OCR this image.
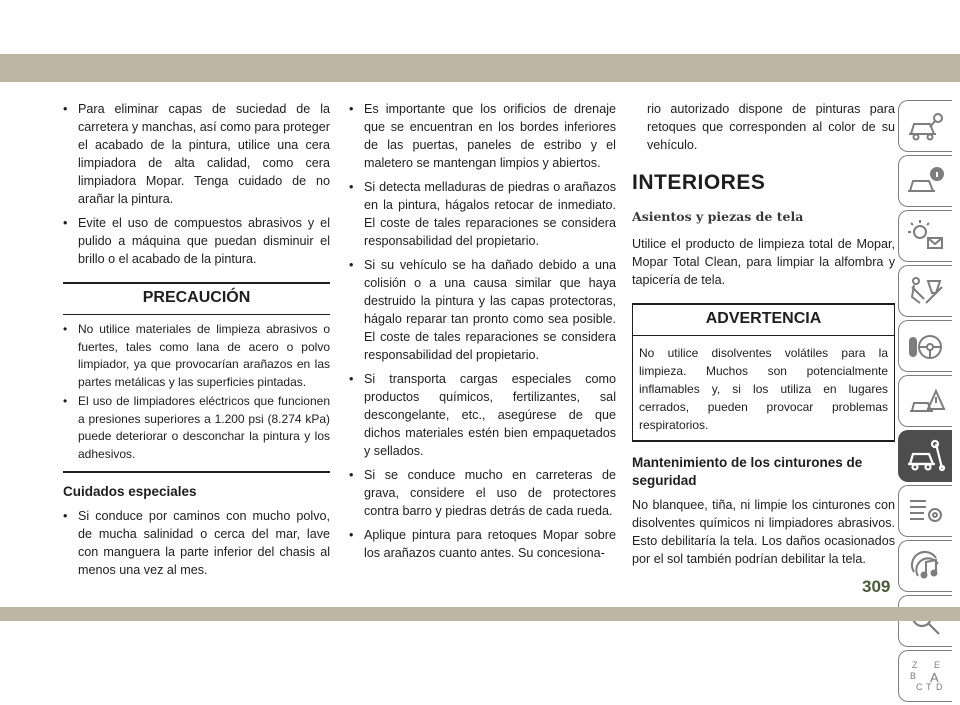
• Para eliminar capas de suciedad de la carretera y manchas, así como para proteger el acabado de la pintura, utilice una cera limpiadora de alta calidad, como cera limpiadora Mopar. Tenga cuidado de no arañar la pintura.
• Evite el uso de compuestos abrasivos y el pulido a máquina que puedan disminuir el brillo o el acabado de la pintura.
PRECAUCIÓN
• No utilice materiales de limpieza abrasivos o fuertes, tales como lana de acero o polvo limpiador, ya que provocarían arañazos en las partes metálicas y las superficies pintadas.
• El uso de limpiadores eléctricos que funcionen a presiones superiores a 1.200 psi (8.274 kPa) puede deteriorar o desconchar la pintura y los adhesivos.
Cuidados especiales
• Si conduce por caminos con mucho polvo, de mucha salinidad o cerca del mar, lave con manguera la parte inferior del chasis al menos una vez al mes.
• Es importante que los orificios de drenaje que se encuentran en los bordes inferiores de las puertas, paneles de estribo y el maletero se mantengan limpios y abiertos.
• Si detecta melladuras de piedras o arañazos en la pintura, hágalos retocar de inmediato. El coste de tales reparaciones se considera responsabilidad del propietario.
• Si su vehículo se ha dañado debido a una colisión o a una causa similar que haya destruido la pintura y las capas protectoras, hágalo reparar tan pronto como sea posible. El coste de tales reparaciones se considera responsabilidad del propietario.
• Si transporta cargas especiales como productos químicos, fertilizantes, sal descongelante, etc., asegúrese de que dichos materiales estén bien empaquetados y sellados.
• Si se conduce mucho en carreteras de grava, considere el uso de protectores contra barro y piedras detrás de cada rueda.
• Aplique pintura para retoques Mopar sobre los arañazos cuanto antes. Su concesiona-

rio autorizado dispone de pinturas para retoques que corresponden al color de su vehículo.

INTERIORES
Asientos y piezas de tela

Utilice el producto de limpieza total de Mopar, Mopar Total Clean, para limpiar la alfombra y tapicería de tela.

ADVERTENCIA

No utilice disolventes volátiles para la limpieza. Muchos son potencialmente inflamables y, si los utiliza en lugares cerrados, pueden provocar problemas respiratorios.

Mantenimiento de los cinturones de seguridad

No blanquee, tiña, ni limpie los cinturones con disolventes químicos ni limpiadores abrasivos. Esto debilitaría la tela. Los daños ocasionados por el sol también podrían debilitar la tela.

Z E
B A
C D
T
309
